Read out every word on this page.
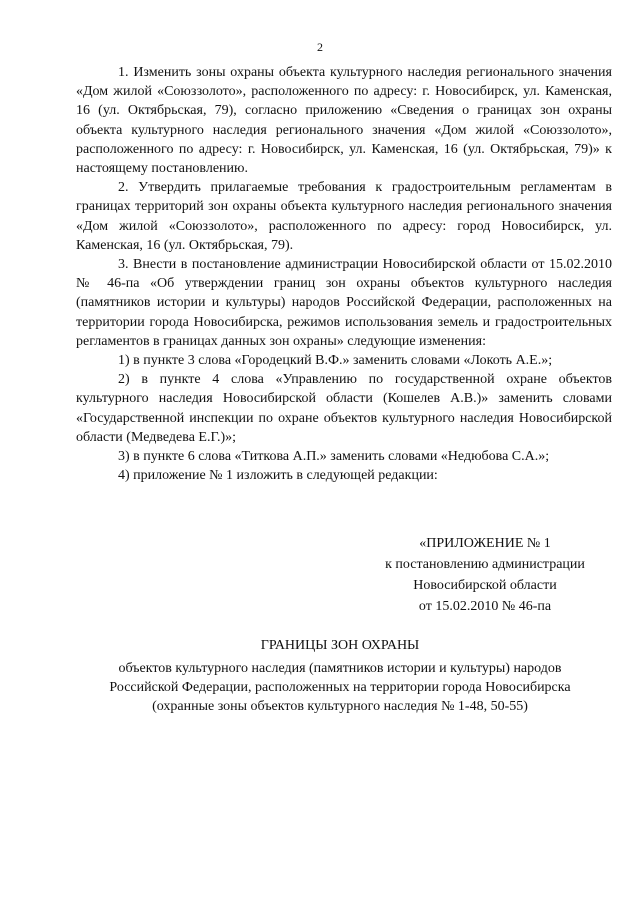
2

1. Изменить зоны охраны объекта культурного наследия регионального значения «Дом жилой «Союззолото», расположенного по адресу: г. Новосибирск, ул. Каменская, 16 (ул. Октябрьская, 79), согласно приложению «Сведения о границах зон охраны объекта культурного наследия регионального значения «Дом жилой «Союззолото», расположенного по адресу: г. Новосибирск, ул. Каменская, 16 (ул. Октябрьская, 79)» к настоящему постановлению.

2. Утвердить прилагаемые требования к градостроительным регламентам в границах территорий зон охраны объекта культурного наследия регионального значения «Дом жилой «Союззолото», расположенного по адресу: город Новосибирск, ул. Каменская, 16 (ул. Октябрьская, 79).

3. Внести в постановление администрации Новосибирской области от 15.02.2010 № 46-па «Об утверждении границ зон охраны объектов культурного наследия (памятников истории и культуры) народов Российской Федерации, расположенных на территории города Новосибирска, режимов использования земель и градостроительных регламентов в границах данных зон охраны» следующие изменения:

1) в пункте 3 слова «Городецкий В.Ф.» заменить словами «Локоть А.Е.»;

2) в пункте 4 слова «Управлению по государственной охране объектов культурного наследия Новосибирской области (Кошелев А.В.)» заменить словами «Государственной инспекции по охране объектов культурного наследия Новосибирской области (Медведева Е.Г.)»;

3) в пункте 6 слова «Титкова А.П.» заменить словами «Недюбова С.А.»;

4) приложение № 1 изложить в следующей редакции:

«ПРИЛОЖЕНИЕ № 1
к постановлению администрации
Новосибирской области
от 15.02.2010 № 46-па
ГРАНИЦЫ ЗОН ОХРАНЫ
объектов культурного наследия (памятников истории и культуры) народов
Российской Федерации, расположенных на территории города Новосибирска
(охранные зоны объектов культурного наследия № 1-48, 50-55)
